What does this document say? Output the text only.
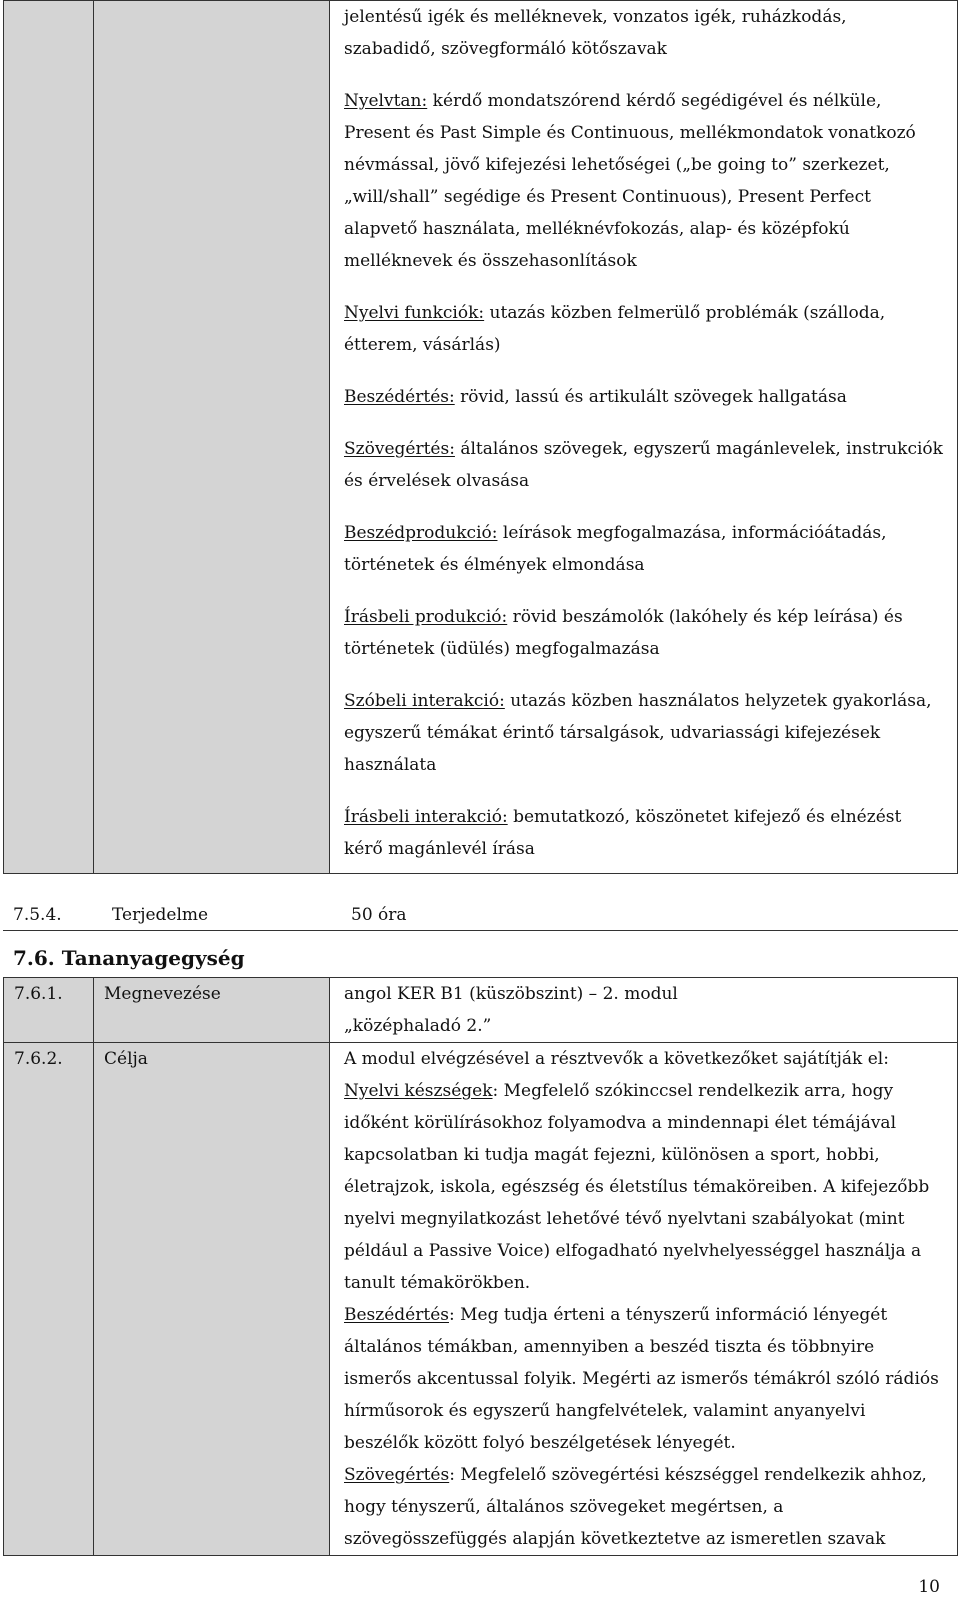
jelentésű igék és melléknevek, vonzatos igék, ruházkodás, szabadidő, szövegformáló kötőszavak
Nyelvtan: kérdő mondatszórend kérdő segédigével és nélküle, Present és Past Simple és Continuous, mellékmondatok vonatkozó névmással, jövő kifejezési lehetőségei („be going to” szerkezet, „will/shall” segédige és Present Continuous), Present Perfect alapvető használata, melléknévfokozás, alap- és középfokú melléknevek és összehasonlítások
Nyelvi funkciók: utazás közben felmerülő problémák (szálloda, étterem, vásárlás)
Beszédértés: rövid, lassú és artikulált szövegek hallgatása
Szövegértés: általános szövegek, egyszerű magánlevelek, instrukciók és érvelések olvasása
Beszédprodukció: leírások megfogalmazása, információátadás, történetek és élmények elmondása
Írásbeli produkció: rövid beszámolók (lakóhely és kép leírása) és történetek (üdülés) megfogalmazása
Szóbeli interakció: utazás közben használatos helyzetek gyakorlása, egyszerű témákat érintő társalgások, udvariassági kifejezések használata
Írásbeli interakció: bemutatkozó, köszönetet kifejező és elnézést kérő magánlevél írása
7.5.4.	Terjedelme	50 óra
7.6. Tananyagegység
7.6.1.	Megnevezése	angol KER B1 (küszöbszint) – 2. modul
„középhaladó 2.”

7.6.2.	Célja	A modul elvégzésével a résztvevők a következőket sajátítják el:
Nyelvi készségek: Megfelelő szókinccsel rendelkezik arra, hogy időként körülírásokhoz folyamodva a mindennapi élet témájával kapcsolatban ki tudja magát fejezni, különösen a sport, hobbi, életrajzok, iskola, egészség és életstílus témaköreiben. A kifejezőbb nyelvi megnyilatkozást lehetővé tévő nyelvtani szabályokat (mint például a Passive Voice) elfogadható nyelvhelyességgel használja a tanult témakörökben.
Beszédértés: Meg tudja érteni a tényszerű információ lényegét általános témákban, amennyiben a beszéd tiszta és többnyire ismerős akcentussal folyik. Megérti az ismerős témákról szóló rádiós hírműsorok és egyszerű hangfelvételek, valamint anyanyelvi beszélők között folyó beszélgetések lényegét.
Szövegértés: Megfelelő szövegértési készséggel rendelkezik ahhoz, hogy tényszerű, általános szövegeket megértsen, a szövegösszefüggés alapján következtetve az ismeretlen szavak
10
